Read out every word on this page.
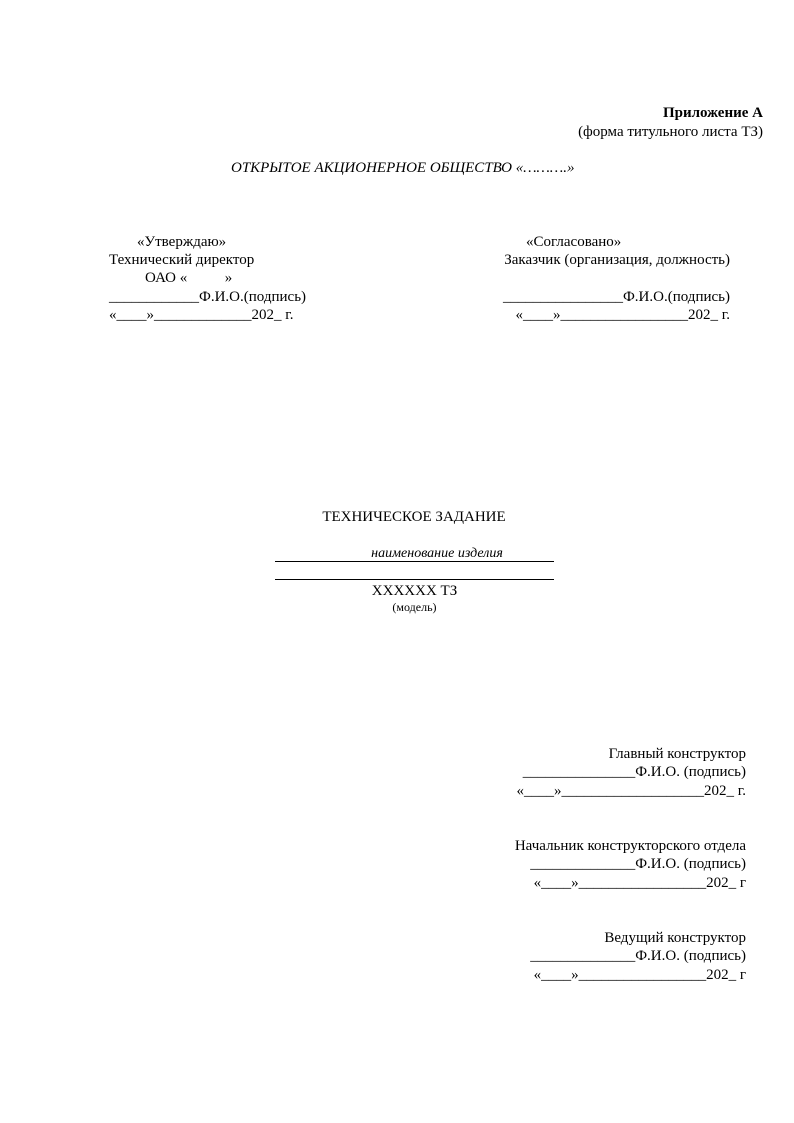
Приложение А
(форма титульного листа ТЗ)
ОТКРЫТОЕ АКЦИОНЕРНОЕ ОБЩЕСТВО «……….»
«Утверждаю»
Технический директор
ОАО «          »
____________Ф.И.О.(подпись)
«____»_____________202_ г.
«Согласовано»
Заказчик (организация, должность)
________________Ф.И.О.(подпись)
«____»_________________202_ г.
ТЕХНИЧЕСКОЕ ЗАДАНИЕ
наименование изделия
ХХХХХХ ТЗ
(модель)
Главный конструктор
_______________Ф.И.О. (подпись)
«____»___________________202_ г.
Начальник конструкторского отдела
______________Ф.И.О. (подпись)
«____»_________________202_ г
Ведущий конструктор
______________Ф.И.О. (подпись)
«____»_________________202_ г
